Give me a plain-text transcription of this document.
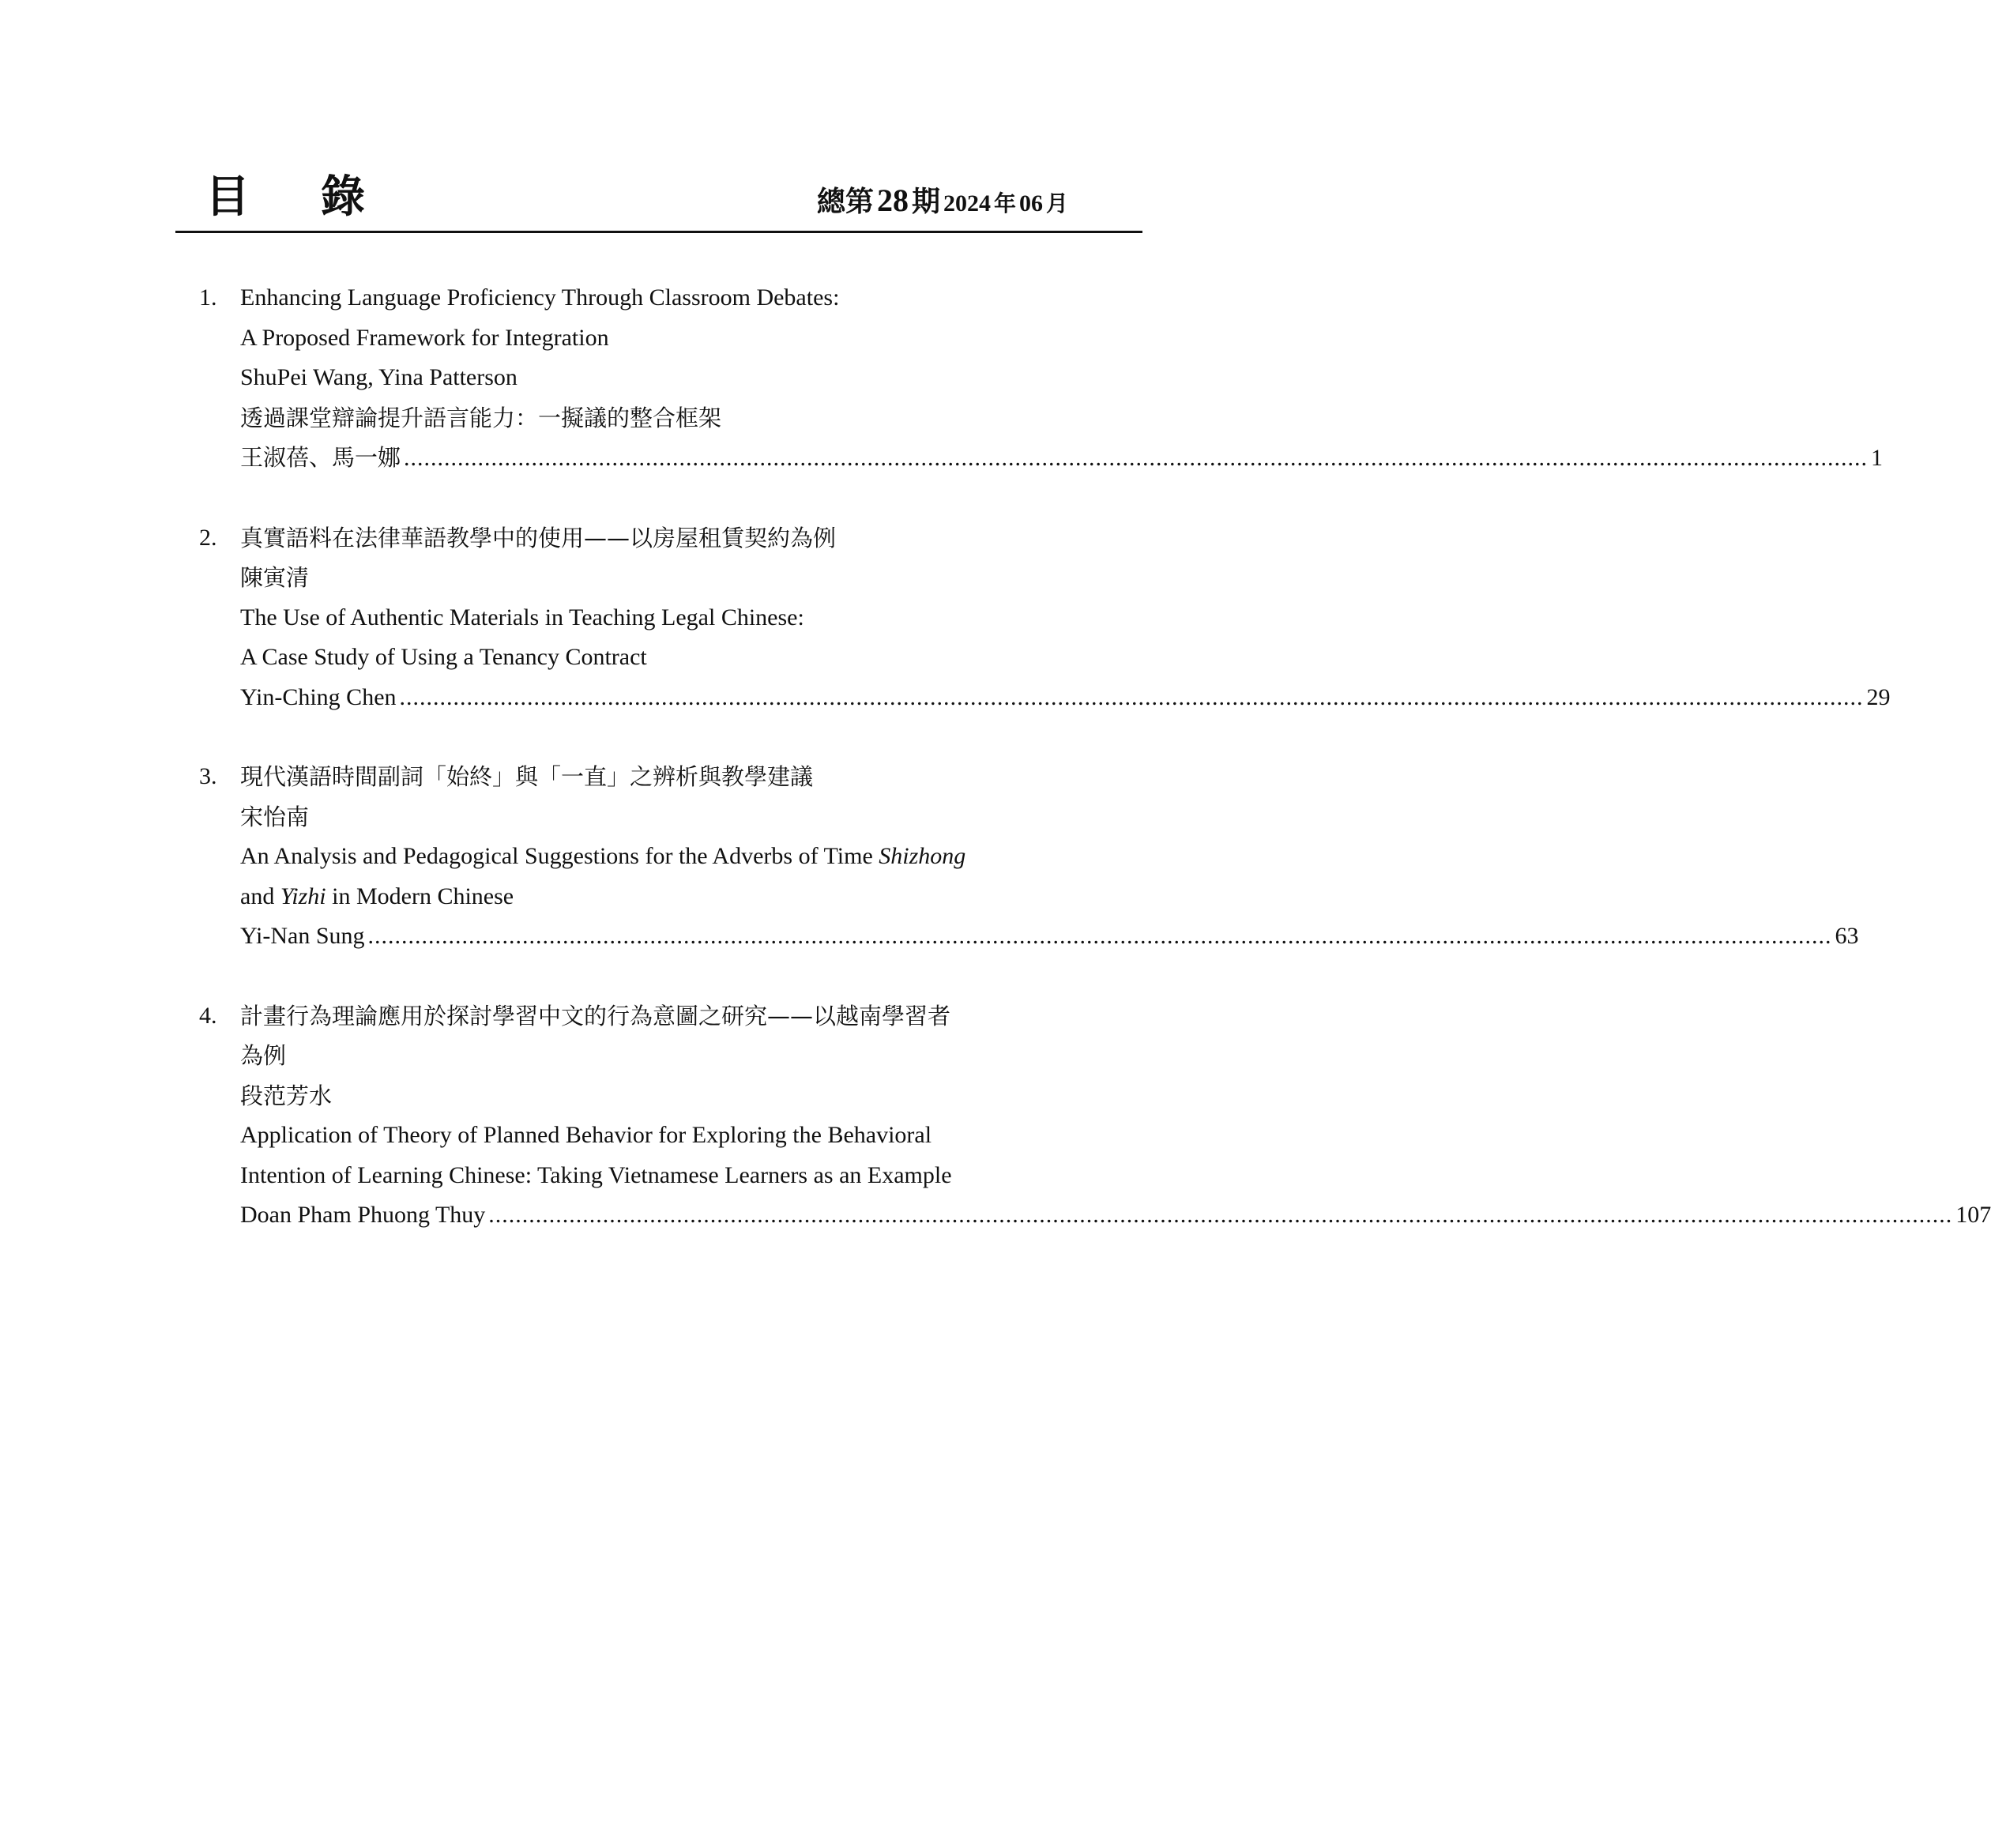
目 錄	總第 28 期 2024 年 06 月
1. Enhancing Language Proficiency Through Classroom Debates:
A Proposed Framework for Integration
ShuPei Wang, Yina Patterson
透過課堂辯論提升語言能力：一擬議的整合框架
王淑蓓、馬一娜 .......................................................................................................................................................................................................................... 1
2. 真實語料在法律華語教學中的使用——以房屋租賃契約為例
陳寅清
The Use of Authentic Materials in Teaching Legal Chinese:
A Case Study of Using a Tenancy Contract
Yin-Ching Chen .......................................................................................................................................................................................................................... 29
3. 現代漢語時間副詞「始終」與「一直」之辨析與教學建議
宋怡南
An Analysis and Pedagogical Suggestions for the Adverbs of Time Shizhong
and Yizhi in Modern Chinese
Yi-Nan Sung .......................................................................................................................................................................................................................... 63
4. 計畫行為理論應用於探討學習中文的行為意圖之研究——以越南學習者
為例
段范芳水
Application of Theory of Planned Behavior for Exploring the Behavioral
Intention of Learning Chinese: Taking Vietnamese Learners as an Example
Doan Pham Phuong Thuy .......................................................................................................................................................................................................................... 107
